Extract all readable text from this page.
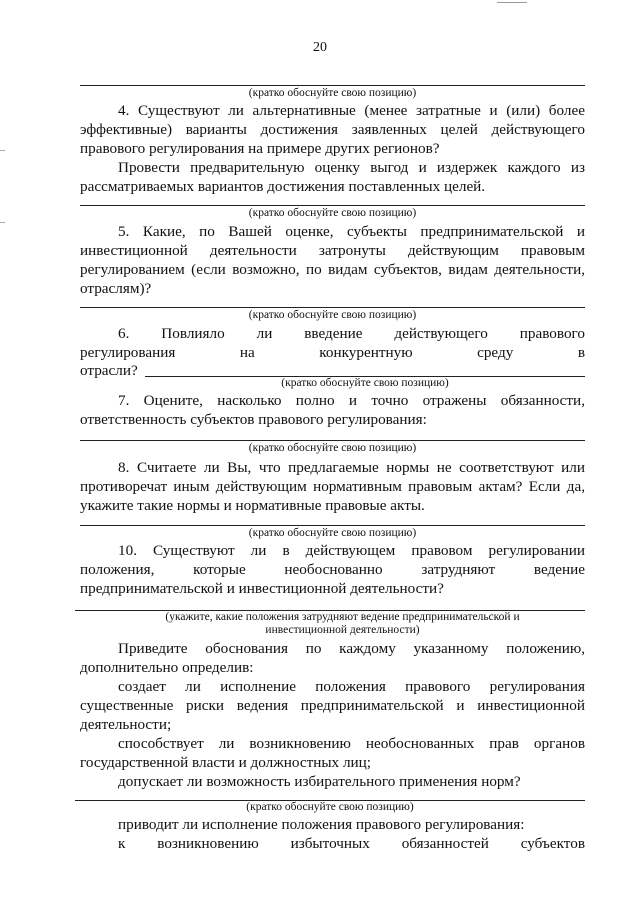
20
(кратко обоснуйте свою позицию)
4. Существуют ли альтернативные (менее затратные и (или) более
эффективные) варианты достижения заявленных целей действующего
правового регулирования на примере других регионов?
Провести предварительную оценку выгод и издержек каждого из
рассматриваемых вариантов достижения поставленных целей.
(кратко обоснуйте свою позицию)
5. Какие, по Вашей оценке, субъекты предпринимательской и
инвестиционной деятельности затронуты действующим правовым
регулированием (если возможно, по видам субъектов, видам деятельности,
отраслям)?
(кратко обоснуйте свою позицию)
6. Повлияло ли введение действующего правового
регулирования на конкурентную среду в
отрасли?
(кратко обоснуйте свою позицию)
7. Оцените, насколько полно и точно отражены обязанности,
ответственность субъектов правового регулирования:
(кратко обоснуйте свою позицию)
8. Считаете ли Вы, что предлагаемые нормы не соответствуют или
противоречат иным действующим нормативным правовым актам? Если да,
укажите такие нормы и нормативные правовые акты.
(кратко обоснуйте свою позицию)
10. Существуют ли в действующем правовом регулировании
положения, которые необоснованно затрудняют ведение
предпринимательской и инвестиционной деятельности?
(укажите, какие положения затрудняют ведение предпринимательской и
инвестиционной деятельности)
Приведите обоснования по каждому указанному положению,
дополнительно определив:
создает ли исполнение положения правового регулирования
существенные риски ведения предпринимательской и инвестиционной
деятельности;
способствует ли возникновению необоснованных прав органов
государственной власти и должностных лиц;
допускает ли возможность избирательного применения норм?
(кратко обоснуйте свою позицию)
приводит ли исполнение положения правового регулирования:
к возникновению избыточных обязанностей субъектов
